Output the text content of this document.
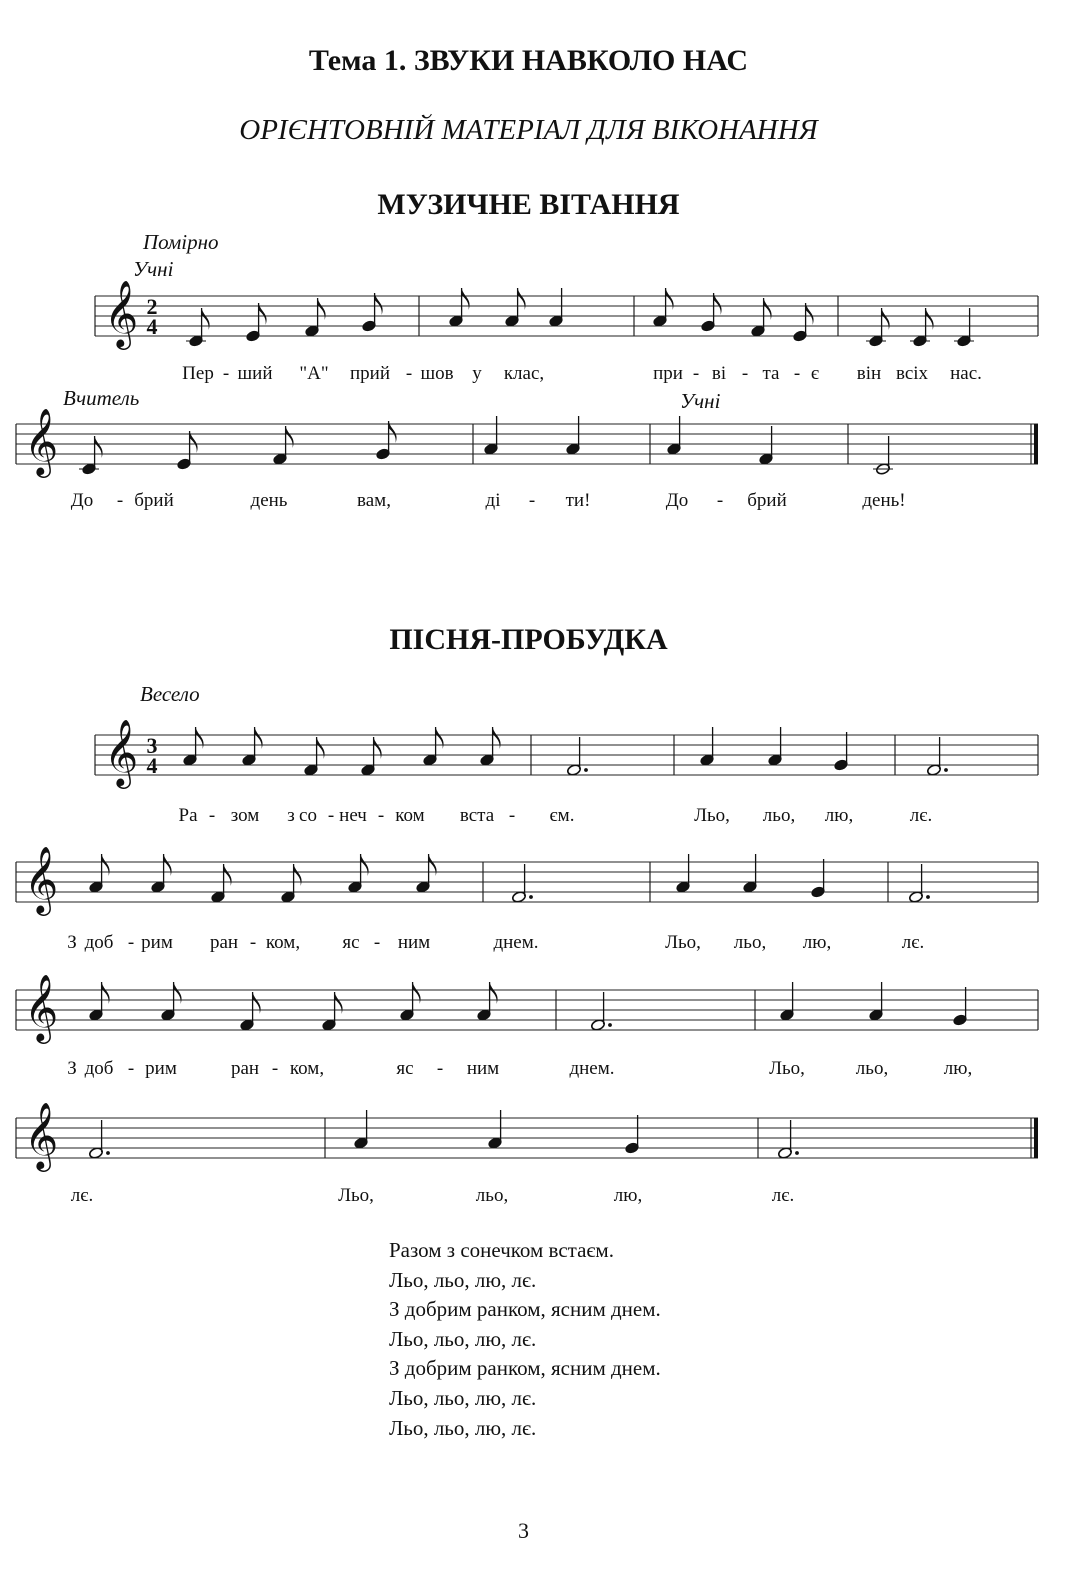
Тема 1. ЗВУКИ НАВКОЛО НАС
ОРІЄНТОВНІЙ МАТЕРІАЛ ДЛЯ ВІКОНАННЯ
МУЗИЧНЕ ВІТАННЯ
Помірно
Учні
Вчитель	Учні
ПІСНЯ-ПРОБУДКА
Весело
𝄞 2
4
𝄞
𝄞 3
4
𝄞
𝄞
𝄞
Пер - ший "А" прий - шов у клас,	при - ві - та - є він всіх нас.
До - брий	день	вам,	ді - ти!	До - брий	день!
Ра - зом з со - неч - ком вста - єм.	Льо, льо, лю,	лє.
З доб - рим ран - ком, яс - ним	днем.	Льо, льо, лю,	лє.
З доб - рим	ран - ком,	яс - ним	днем.	Льо,	льо,	лю,
лє.	Льо,	льо,	лю,	лє.

Разом з сонечком встаєм.

Льо, льо, лю, лє.

З добрим ранком, ясним днем.

Льо, льо, лю, лє.

З добрим ранком, ясним днем.

Льо, льо, лю, лє.

Льо, льо, лю, лє.

3
